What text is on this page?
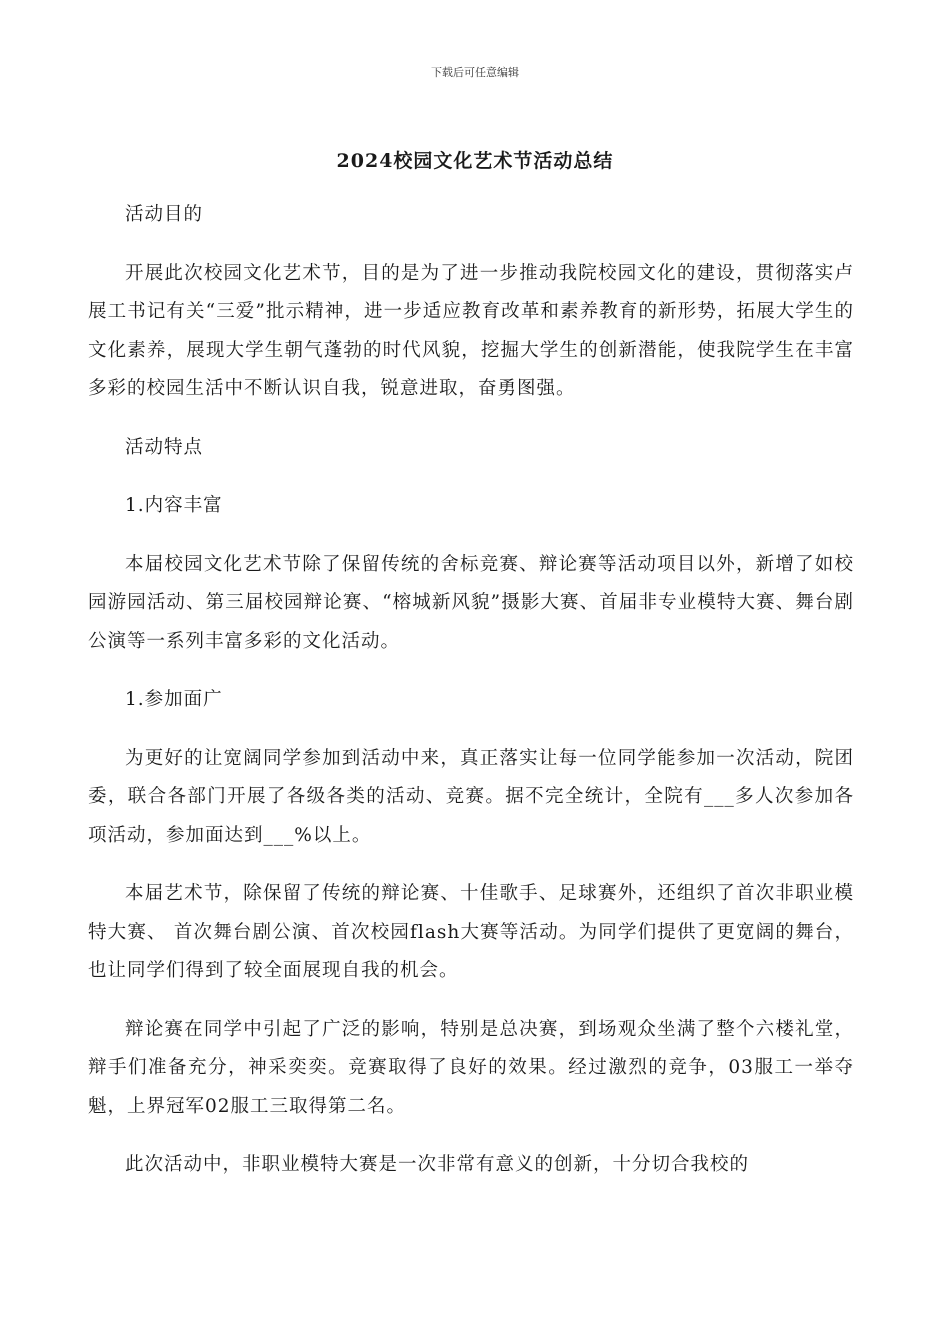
下载后可任意编辑
2024校园文化艺术节活动总结

活动目的

开展此次校园文化艺术节，目的是为了进一步推动我院校园文化的建设，贯彻落实卢展工书记有关“三爱”批示精神，进一步适应教育改革和素养教育的新形势，拓展大学生的文化素养，展现大学生朝气蓬勃的时代风貌，挖掘大学生的创新潜能，使我院学生在丰富多彩的校园生活中不断认识自我，锐意进取，奋勇图强。

活动特点

1.内容丰富

本届校园文化艺术节除了保留传统的舍标竞赛、辩论赛等活动项目以外，新增了如校园游园活动、第三届校园辩论赛、“榕城新风貌”摄影大赛、首届非专业模特大赛、舞台剧公演等一系列丰富多彩的文化活动。

1.参加面广

为更好的让宽阔同学参加到活动中来，真正落实让每一位同学能参加一次活动，院团委，联合各部门开展了各级各类的活动、竞赛。据不完全统计，全院有___多人次参加各项活动，参加面达到___%以上。

本届艺术节，除保留了传统的辩论赛、十佳歌手、足球赛外，还组织了首次非职业模特大赛、 首次舞台剧公演、首次校园flash大赛等活动。为同学们提供了更宽阔的舞台，也让同学们得到了较全面展现自我的机会。

辩论赛在同学中引起了广泛的影响，特别是总决赛，到场观众坐满了整个六楼礼堂，辩手们准备充分，神采奕奕。竞赛取得了良好的效果。经过激烈的竞争，03服工一举夺魁，上界冠军02服工三取得第二名。

此次活动中，非职业模特大赛是一次非常有意义的创新，十分切合我校的
